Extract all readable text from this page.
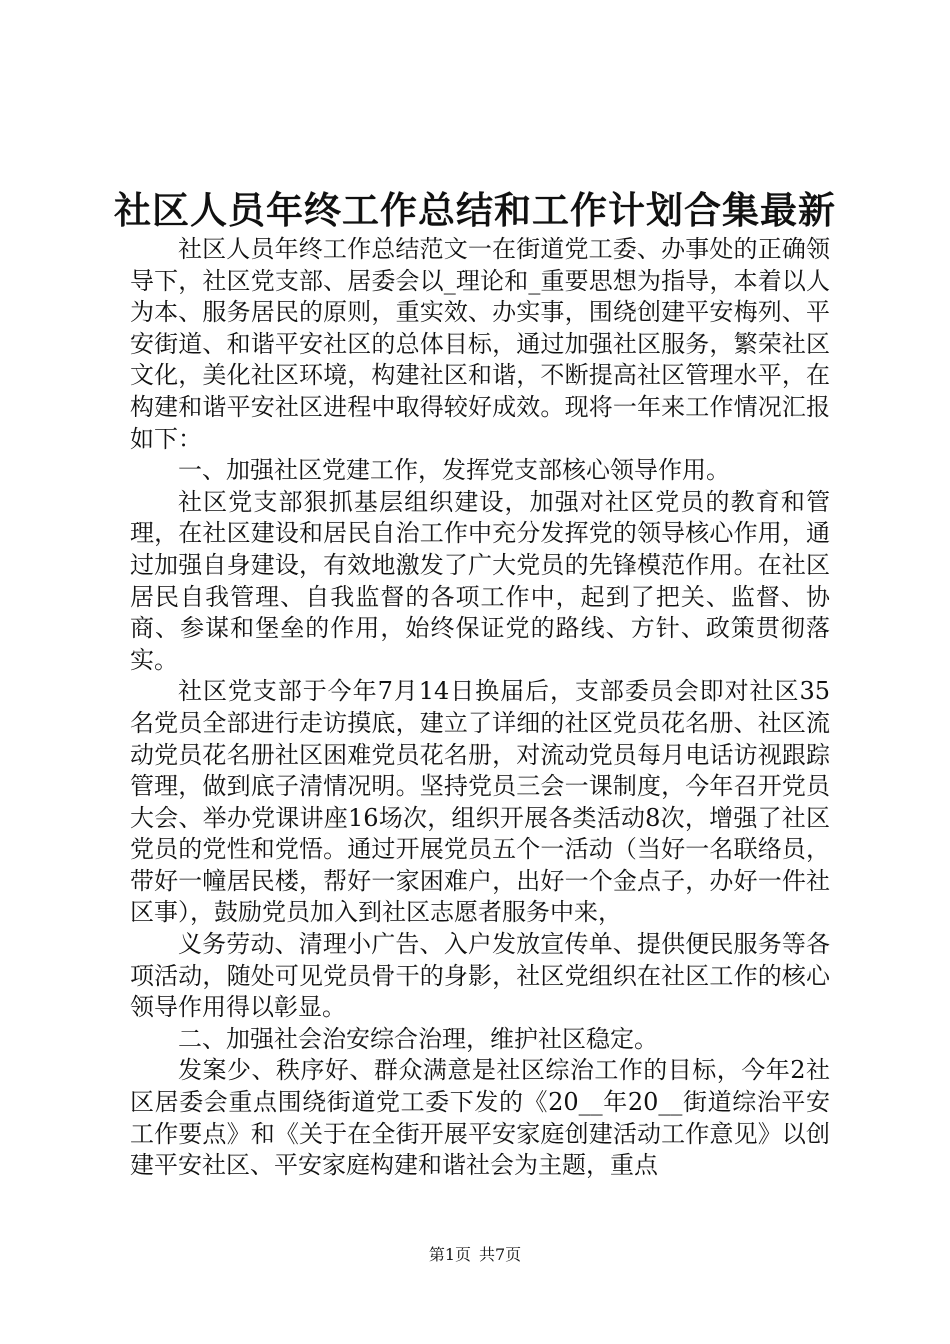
社区人员年终工作总结和工作计划合集最新

社区人员年终工作总结范文一在街道党工委、办事处的正确领导下，社区党支部、居委会以_理论和_重要思想为指导，本着以人为本、服务居民的原则，重实效、办实事，围绕创建平安梅列、平安街道、和谐平安社区的总体目标，通过加强社区服务，繁荣社区文化，美化社区环境，构建社区和谐，不断提高社区管理水平，在构建和谐平安社区进程中取得较好成效。现将一年来工作情况汇报如下：

一、加强社区党建工作，发挥党支部核心领导作用。

社区党支部狠抓基层组织建设，加强对社区党员的教育和管理，在社区建设和居民自治工作中充分发挥党的领导核心作用，通过加强自身建设，有效地激发了广大党员的先锋模范作用。在社区居民自我管理、自我监督的各项工作中，起到了把关、监督、协商、参谋和堡垒的作用，始终保证党的路线、方针、政策贯彻落实。

社区党支部于今年7月14日换届后，支部委员会即对社区35名党员全部进行走访摸底，建立了详细的社区党员花名册、社区流动党员花名册社区困难党员花名册，对流动党员每月电话访视跟踪管理，做到底子清情况明。坚持党员三会一课制度，今年召开党员大会、举办党课讲座16场次，组织开展各类活动8次，增强了社区党员的党性和党悟。通过开展党员五个一活动（当好一名联络员，带好一幢居民楼，帮好一家困难户，出好一个金点子，办好一件社区事），鼓励党员加入到社区志愿者服务中来，

义务劳动、清理小广告、入户发放宣传单、提供便民服务等各项活动，随处可见党员骨干的身影，社区党组织在社区工作的核心领导作用得以彰显。

二、加强社会治安综合治理，维护社区稳定。

发案少、秩序好、群众满意是社区综治工作的目标，今年2社区居委会重点围绕街道党工委下发的《20__年20__街道综治平安工作要点》和《关于在全街开展平安家庭创建活动工作意见》以创建平安社区、平安家庭构建和谐社会为主题，重点

第1页 共7页
